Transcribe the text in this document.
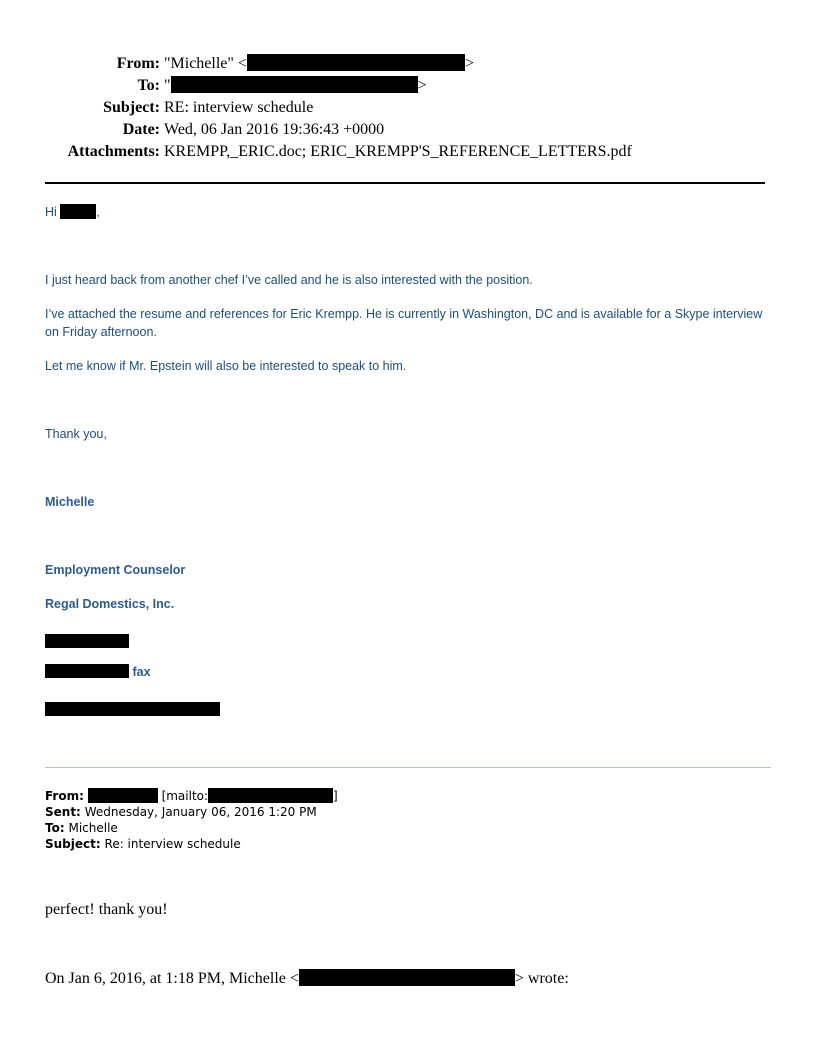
From: "Michelle" <	>
To: "	>
Subject: RE: interview schedule
Date: Wed, 06 Jan 2016 19:36:43 +0000
Attachments: KREMPP,_ERIC.doc; ERIC_KREMPP'S_REFERENCE_LETTERS.pdf
Hi	,
I just heard back from another chef I’ve called and he is also interested with the position.
I’ve attached the resume and references for Eric Krempp. He is currently in Washington, DC and is available for a Skype interview on Friday afternoon.
Let me know if Mr. Epstein will also be interested to speak to him.
Thank you,
Michelle
Employment Counselor
Regal Domestics, Inc.
fax
From:	[mailto:	]
Sent: Wednesday, January 06, 2016 1:20 PM
To: Michelle
Subject: Re: interview schedule
perfect! thank you!
On Jan 6, 2016, at 1:18 PM, Michelle <	> wrote:
